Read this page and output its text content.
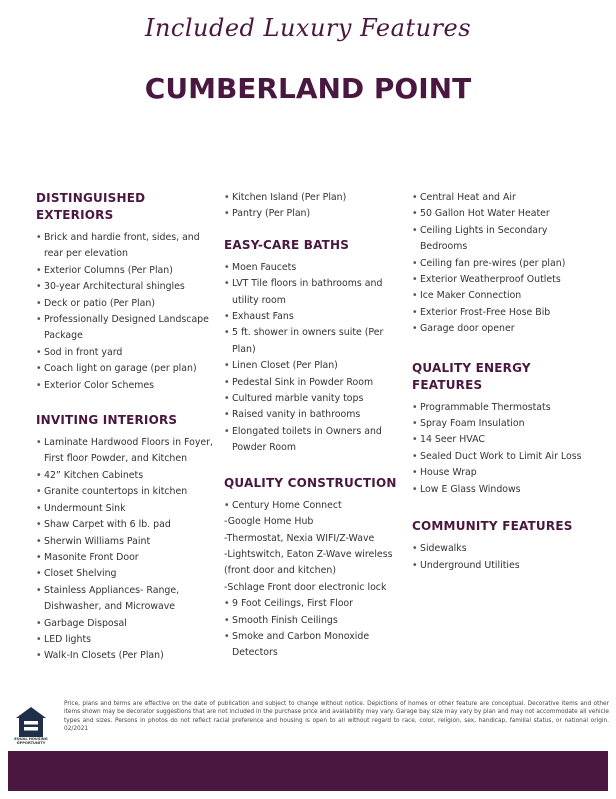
Included Luxury Features
CUMBERLAND POINT
DISTINGUISHED EXTERIORS
• Brick and hardie front, sides, and rear per elevation
• Exterior Columns (Per Plan)
• 30-year Architectural shingles
• Deck or patio (Per Plan)
• Professionally Designed Landscape Package
• Sod in front yard
• Coach light on garage (per plan)
• Exterior Color Schemes
INVITING INTERIORS
• Laminate Hardwood Floors in Foyer, First floor Powder, and Kitchen
• 42” Kitchen Cabinets
• Granite countertops in kitchen
• Undermount Sink
• Shaw Carpet with 6 lb. pad
• Sherwin Williams Paint
• Masonite Front Door
• Closet Shelving
• Stainless Appliances- Range, Dishwasher, and Microwave
• Garbage Disposal
• LED lights
• Walk-In Closets (Per Plan)
• Kitchen Island (Per Plan)
• Pantry (Per Plan)
EASY-CARE BATHS
• Moen Faucets
• LVT Tile floors in bathrooms and utility room
• Exhaust Fans
• 5 ft. shower in owners suite (Per Plan)
• Linen Closet (Per Plan)
• Pedestal Sink in Powder Room
• Cultured marble vanity tops
• Raised vanity in bathrooms
• Elongated toilets in Owners and Powder Room
QUALITY CONSTRUCTION
• Century Home Connect
-Google Home Hub
-Thermostat, Nexia WIFI/Z-Wave
-Lightswitch, Eaton Z-Wave wireless (front door and kitchen)
-Schlage Front door electronic lock
• 9 Foot Ceilings, First Floor
• Smooth Finish Ceilings
• Smoke and Carbon Monoxide Detectors
• Central Heat and Air
• 50 Gallon Hot Water Heater
• Ceiling Lights in Secondary Bedrooms
• Ceiling fan pre-wires (per plan)
• Exterior Weatherproof Outlets
• Ice Maker Connection
• Exterior Frost-Free Hose Bib
• Garage door opener
QUALITY ENERGY FEATURES
• Programmable Thermostats
• Spray Foam Insulation
• 14 Seer HVAC
• Sealed Duct Work to Limit Air Loss
• House Wrap
• Low E Glass Windows
COMMUNITY FEATURES
• Sidewalks
• Underground Utilities
EQUAL HOUSING OPPORTUNITY
Price, plans and terms are effective on the date of publication and subject to change without notice. Depictions of homes or other feature are conceptual. Decorative items and other items shown may be decorator suggestions that are not included in the purchase price and availability may vary. Garage bay size may vary by plan and may not accommodate all vehicle types and sizes. Persons in photos do not reflect racial preference and housing is open to all without regard to race, color, religion, sex, handicap, familial status, or national origin. 02/2021
